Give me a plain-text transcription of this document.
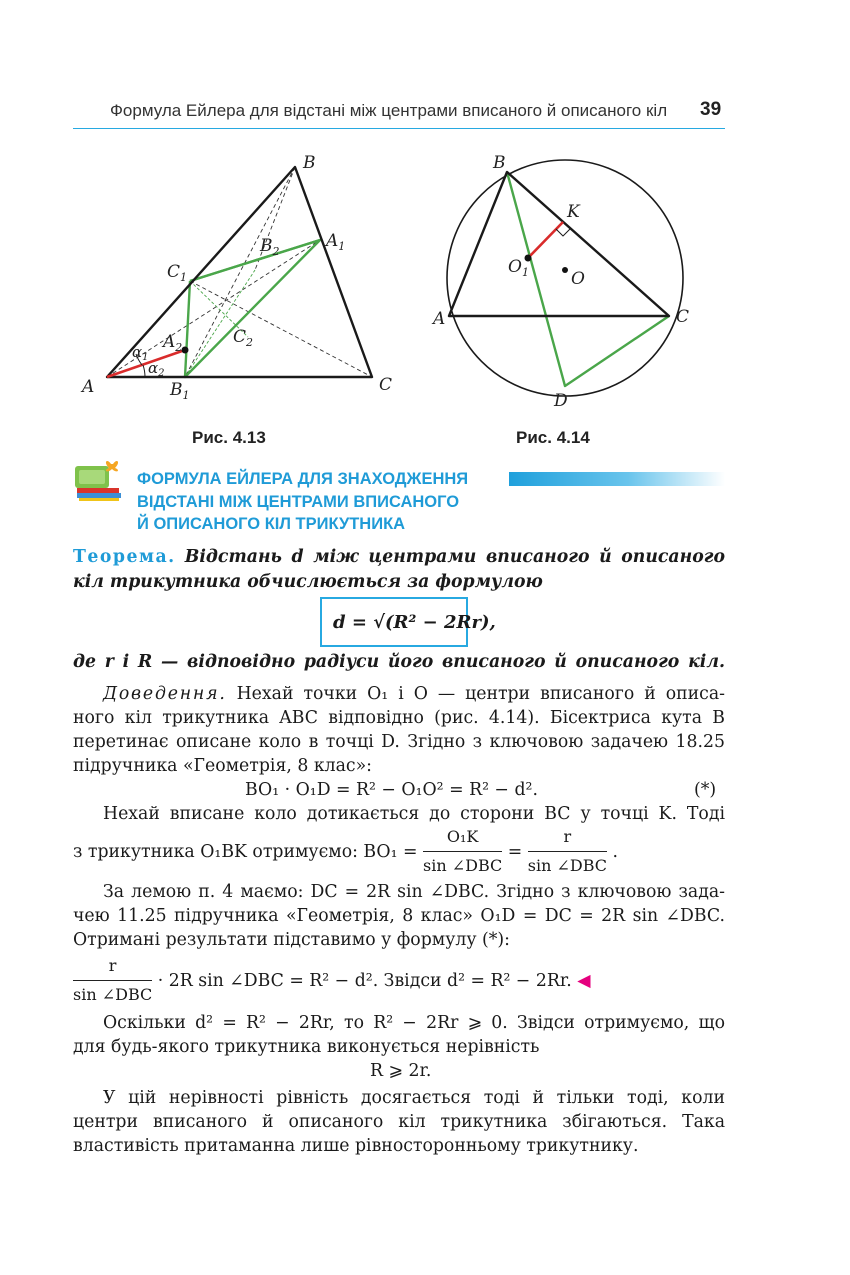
Формула Ейлера для відстані між центрами вписаного й описаного кіл	39
B
$A_1$
$B_2$
$C_1$
$A_2$
$C_2$
A	$B_1$
C
$\alpha_1$
$\alpha_2$
Рис. 4.13
B
K
$O_1$ O
A	C
D
Рис. 4.14
ФОРМУЛА ЕЙЛЕРА ДЛЯ ЗНАХОДЖЕННЯ
ВІДСТАНІ МІЖ ЦЕНТРАМИ ВПИСАНОГО
Й ОПИСАНОГО КІЛ ТРИКУТНИКА
Теорема. Відстань d між центрами вписаного й описаного
кіл трикутника обчислюється за формулою
d = √(R² − 2Rr),
де r і R — відповідно радіуси його вписаного й описаного кіл.
Доведення. Нехай точки O₁ і O — центри вписаного й описа-
ного кіл трикутника ABC відповідно (рис. 4.14). Бісектриса кута B
перетинає описане коло в точці D. Згідно з ключовою задачею 18.25
підручника «Геометрія, 8 клас»:
BO₁ · O₁D = R² − O₁O² = R² − d².	(*)
Нехай вписане коло дотикається до сторони BC у точці K. Тоді
з трикутника O₁BK отримуємо: $BO_1 = \frac{\text{O₁K}}{\text{sin ∠DBC}} = \frac{r}{\text{sin ∠DBC}}$ .
За лемою п. 4 маємо: DC = 2R sin ∠DBC. Згідно з ключовою зада-
чею 11.25 підручника «Геометрія, 8 клас» O₁D = DC = 2R sin ∠DBC.
Отримані результати підставимо у формулу (*):
$\frac{r}{\text{sin ∠DBC}} \cdot 2R$ sin ∠DBC = R² − d². Звідси d² = R² − 2Rr. ◀
Оскільки d² = R² − 2Rr, то R² − 2Rr ⩾ 0. Звідси отримуємо, що
для будь-якого трикутника виконується нерівність
R ⩾ 2r.
У цій нерівності рівність досягається тоді й тільки тоді, коли
центри вписаного й описаного кіл трикутника збігаються. Така
властивість притаманна лише рівносторонньому трикутнику.
